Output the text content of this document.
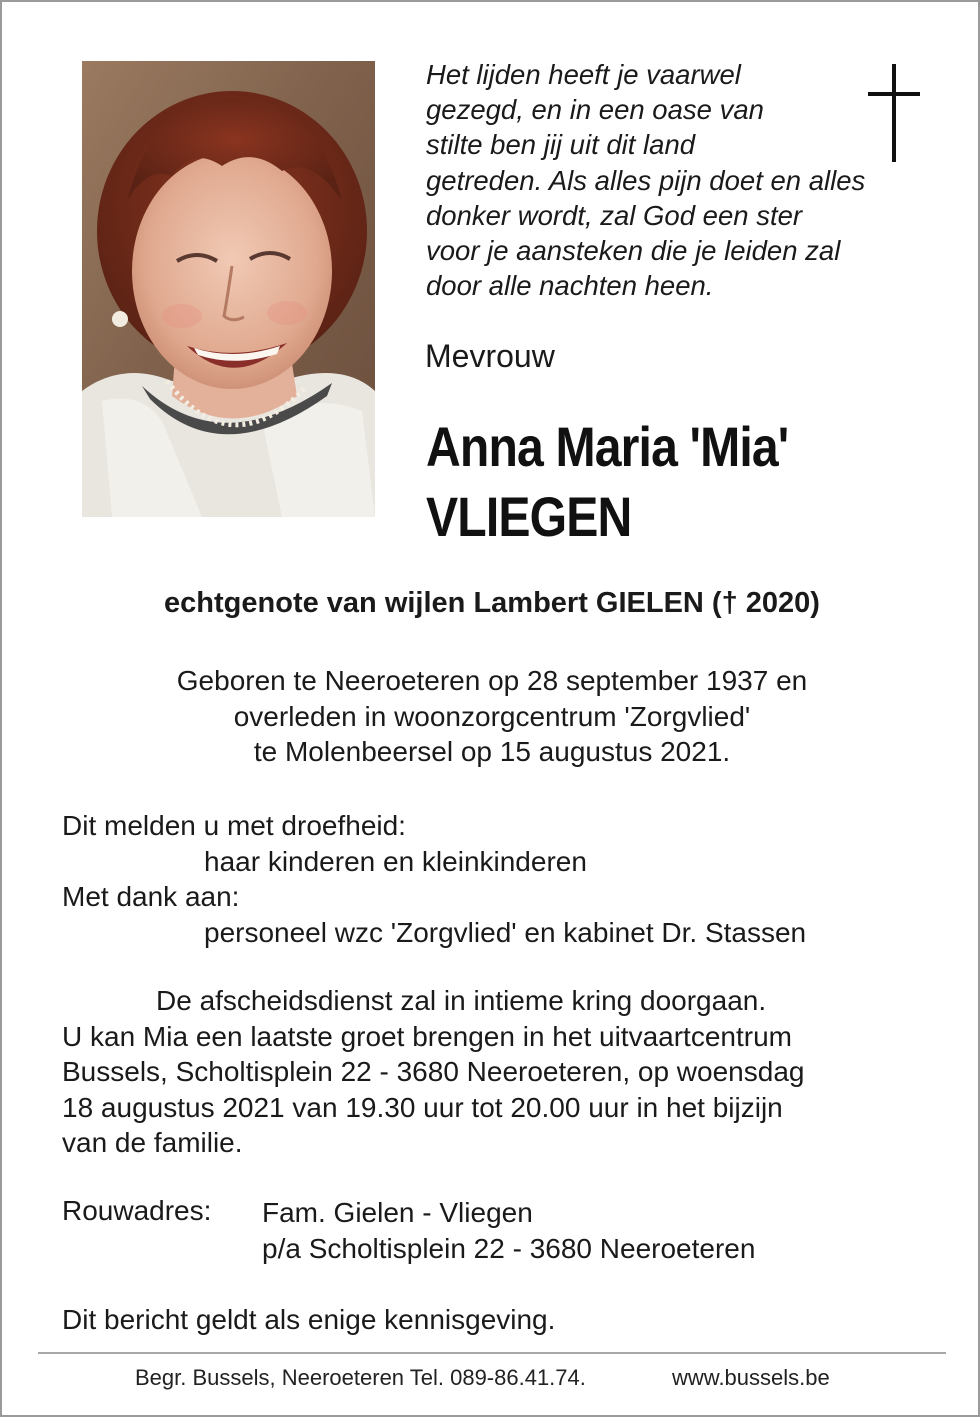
Het lijden heeft je vaarwel
gezegd, en in een oase van
stilte ben jij uit dit land
getreden. Als alles pijn doet en alles
donker wordt, zal God een ster
voor je aansteken die je leiden zal
door alle nachten heen.
Mevrouw
Anna Maria 'Mia'
VLIEGEN
echtgenote van wijlen Lambert GIELEN († 2020)
Geboren te Neeroeteren op 28 september 1937 en
overleden in woonzorgcentrum 'Zorgvlied'
te Molenbeersel op 15 augustus 2021.
Dit melden u met droefheid:
haar kinderen en kleinkinderen
Met dank aan:
personeel wzc 'Zorgvlied' en kabinet Dr. Stassen
De afscheidsdienst zal in intieme kring doorgaan.
U kan Mia een laatste groet brengen in het uitvaartcentrum
Bussels, Scholtisplein 22 - 3680 Neeroeteren, op woensdag
18 augustus 2021 van 19.30 uur tot 20.00 uur in het bijzijn
van de familie.
Rouwadres: Fam. Gielen - Vliegen
p/a Scholtisplein 22 - 3680 Neeroeteren
Dit bericht geldt als enige kennisgeving.
Begr. Bussels, Neeroeteren Tel. 089-86.41.74.	www.bussels.be
